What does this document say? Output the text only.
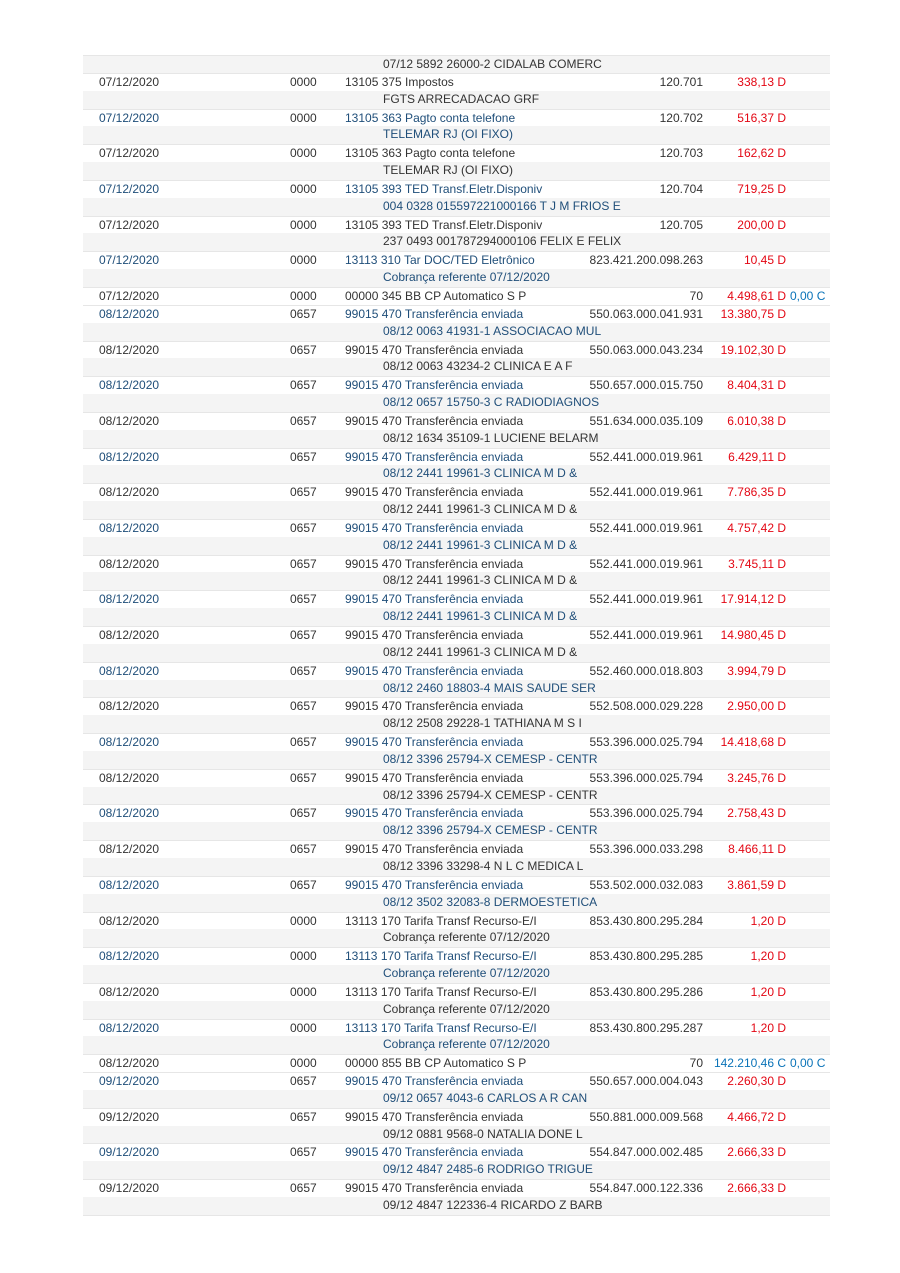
07/12 5892 26000-2 CIDALAB COMERC
07/12/2020	0000 13105 375 Impostos	120.701	338,13 D
FGTS ARRECADACAO GRF
07/12/2020	0000 13105 363 Pagto conta telefone	120.702	516,37 D
TELEMAR RJ (OI FIXO)
07/12/2020	0000 13105 363 Pagto conta telefone	120.703	162,62 D
TELEMAR RJ (OI FIXO)
07/12/2020	0000 13105 393 TED Transf.Eletr.Disponiv	120.704	719,25 D
004 0328 015597221000166 T J M FRIOS E
07/12/2020	0000 13105 393 TED Transf.Eletr.Disponiv	120.705	200,00 D
237 0493 001787294000106 FELIX E FELIX
07/12/2020	0000 13113 310 Tar DOC/TED Eletrônico	823.421.200.098.263	10,45 D
Cobrança referente 07/12/2020
07/12/2020	0000 00000 345 BB CP Automatico S P	70	4.498,61 D 0,00 C
08/12/2020	0657 99015 470 Transferência enviada	550.063.000.041.931	13.380,75 D
08/12 0063 41931-1 ASSOCIACAO MUL
08/12/2020	0657 99015 470 Transferência enviada	550.063.000.043.234	19.102,30 D
08/12 0063 43234-2 CLINICA E A F
08/12/2020	0657 99015 470 Transferência enviada	550.657.000.015.750	8.404,31 D
08/12 0657 15750-3 C RADIODIAGNOS
08/12/2020	0657 99015 470 Transferência enviada	551.634.000.035.109	6.010,38 D
08/12 1634 35109-1 LUCIENE BELARM
08/12/2020	0657 99015 470 Transferência enviada	552.441.000.019.961	6.429,11 D
08/12 2441 19961-3 CLINICA M D &
08/12/2020	0657 99015 470 Transferência enviada	552.441.000.019.961	7.786,35 D
08/12 2441 19961-3 CLINICA M D &
08/12/2020	0657 99015 470 Transferência enviada	552.441.000.019.961	4.757,42 D
08/12 2441 19961-3 CLINICA M D &
08/12/2020	0657 99015 470 Transferência enviada	552.441.000.019.961	3.745,11 D
08/12 2441 19961-3 CLINICA M D &
08/12/2020	0657 99015 470 Transferência enviada	552.441.000.019.961	17.914,12 D
08/12 2441 19961-3 CLINICA M D &
08/12/2020	0657 99015 470 Transferência enviada	552.441.000.019.961	14.980,45 D
08/12 2441 19961-3 CLINICA M D &
08/12/2020	0657 99015 470 Transferência enviada	552.460.000.018.803	3.994,79 D
08/12 2460 18803-4 MAIS SAUDE SER
08/12/2020	0657 99015 470 Transferência enviada	552.508.000.029.228	2.950,00 D
08/12 2508 29228-1 TATHIANA M S I
08/12/2020	0657 99015 470 Transferência enviada	553.396.000.025.794	14.418,68 D
08/12 3396 25794-X CEMESP - CENTR
08/12/2020	0657 99015 470 Transferência enviada	553.396.000.025.794	3.245,76 D
08/12 3396 25794-X CEMESP - CENTR
08/12/2020	0657 99015 470 Transferência enviada	553.396.000.025.794	2.758,43 D
08/12 3396 25794-X CEMESP - CENTR
08/12/2020	0657 99015 470 Transferência enviada	553.396.000.033.298	8.466,11 D
08/12 3396 33298-4 N L C MEDICA L
08/12/2020	0657 99015 470 Transferência enviada	553.502.000.032.083	3.861,59 D
08/12 3502 32083-8 DERMOESTETICA
08/12/2020	0000 13113 170 Tarifa Transf Recurso-E/I	853.430.800.295.284	1,20 D
Cobrança referente 07/12/2020
08/12/2020	0000 13113 170 Tarifa Transf Recurso-E/I	853.430.800.295.285	1,20 D
Cobrança referente 07/12/2020
08/12/2020	0000 13113 170 Tarifa Transf Recurso-E/I	853.430.800.295.286	1,20 D
Cobrança referente 07/12/2020
08/12/2020	0000 13113 170 Tarifa Transf Recurso-E/I	853.430.800.295.287	1,20 D
Cobrança referente 07/12/2020
08/12/2020	0000 00000 855 BB CP Automatico S P	70 142.210,46 C 0,00 C
09/12/2020	0657 99015 470 Transferência enviada	550.657.000.004.043	2.260,30 D
09/12 0657 4043-6 CARLOS A R CAN
09/12/2020	0657 99015 470 Transferência enviada	550.881.000.009.568	4.466,72 D
09/12 0881 9568-0 NATALIA DONE L
09/12/2020	0657 99015 470 Transferência enviada	554.847.000.002.485	2.666,33 D
09/12 4847 2485-6 RODRIGO TRIGUE
09/12/2020	0657 99015 470 Transferência enviada	554.847.000.122.336	2.666,33 D
09/12 4847 122336-4 RICARDO Z BARB
